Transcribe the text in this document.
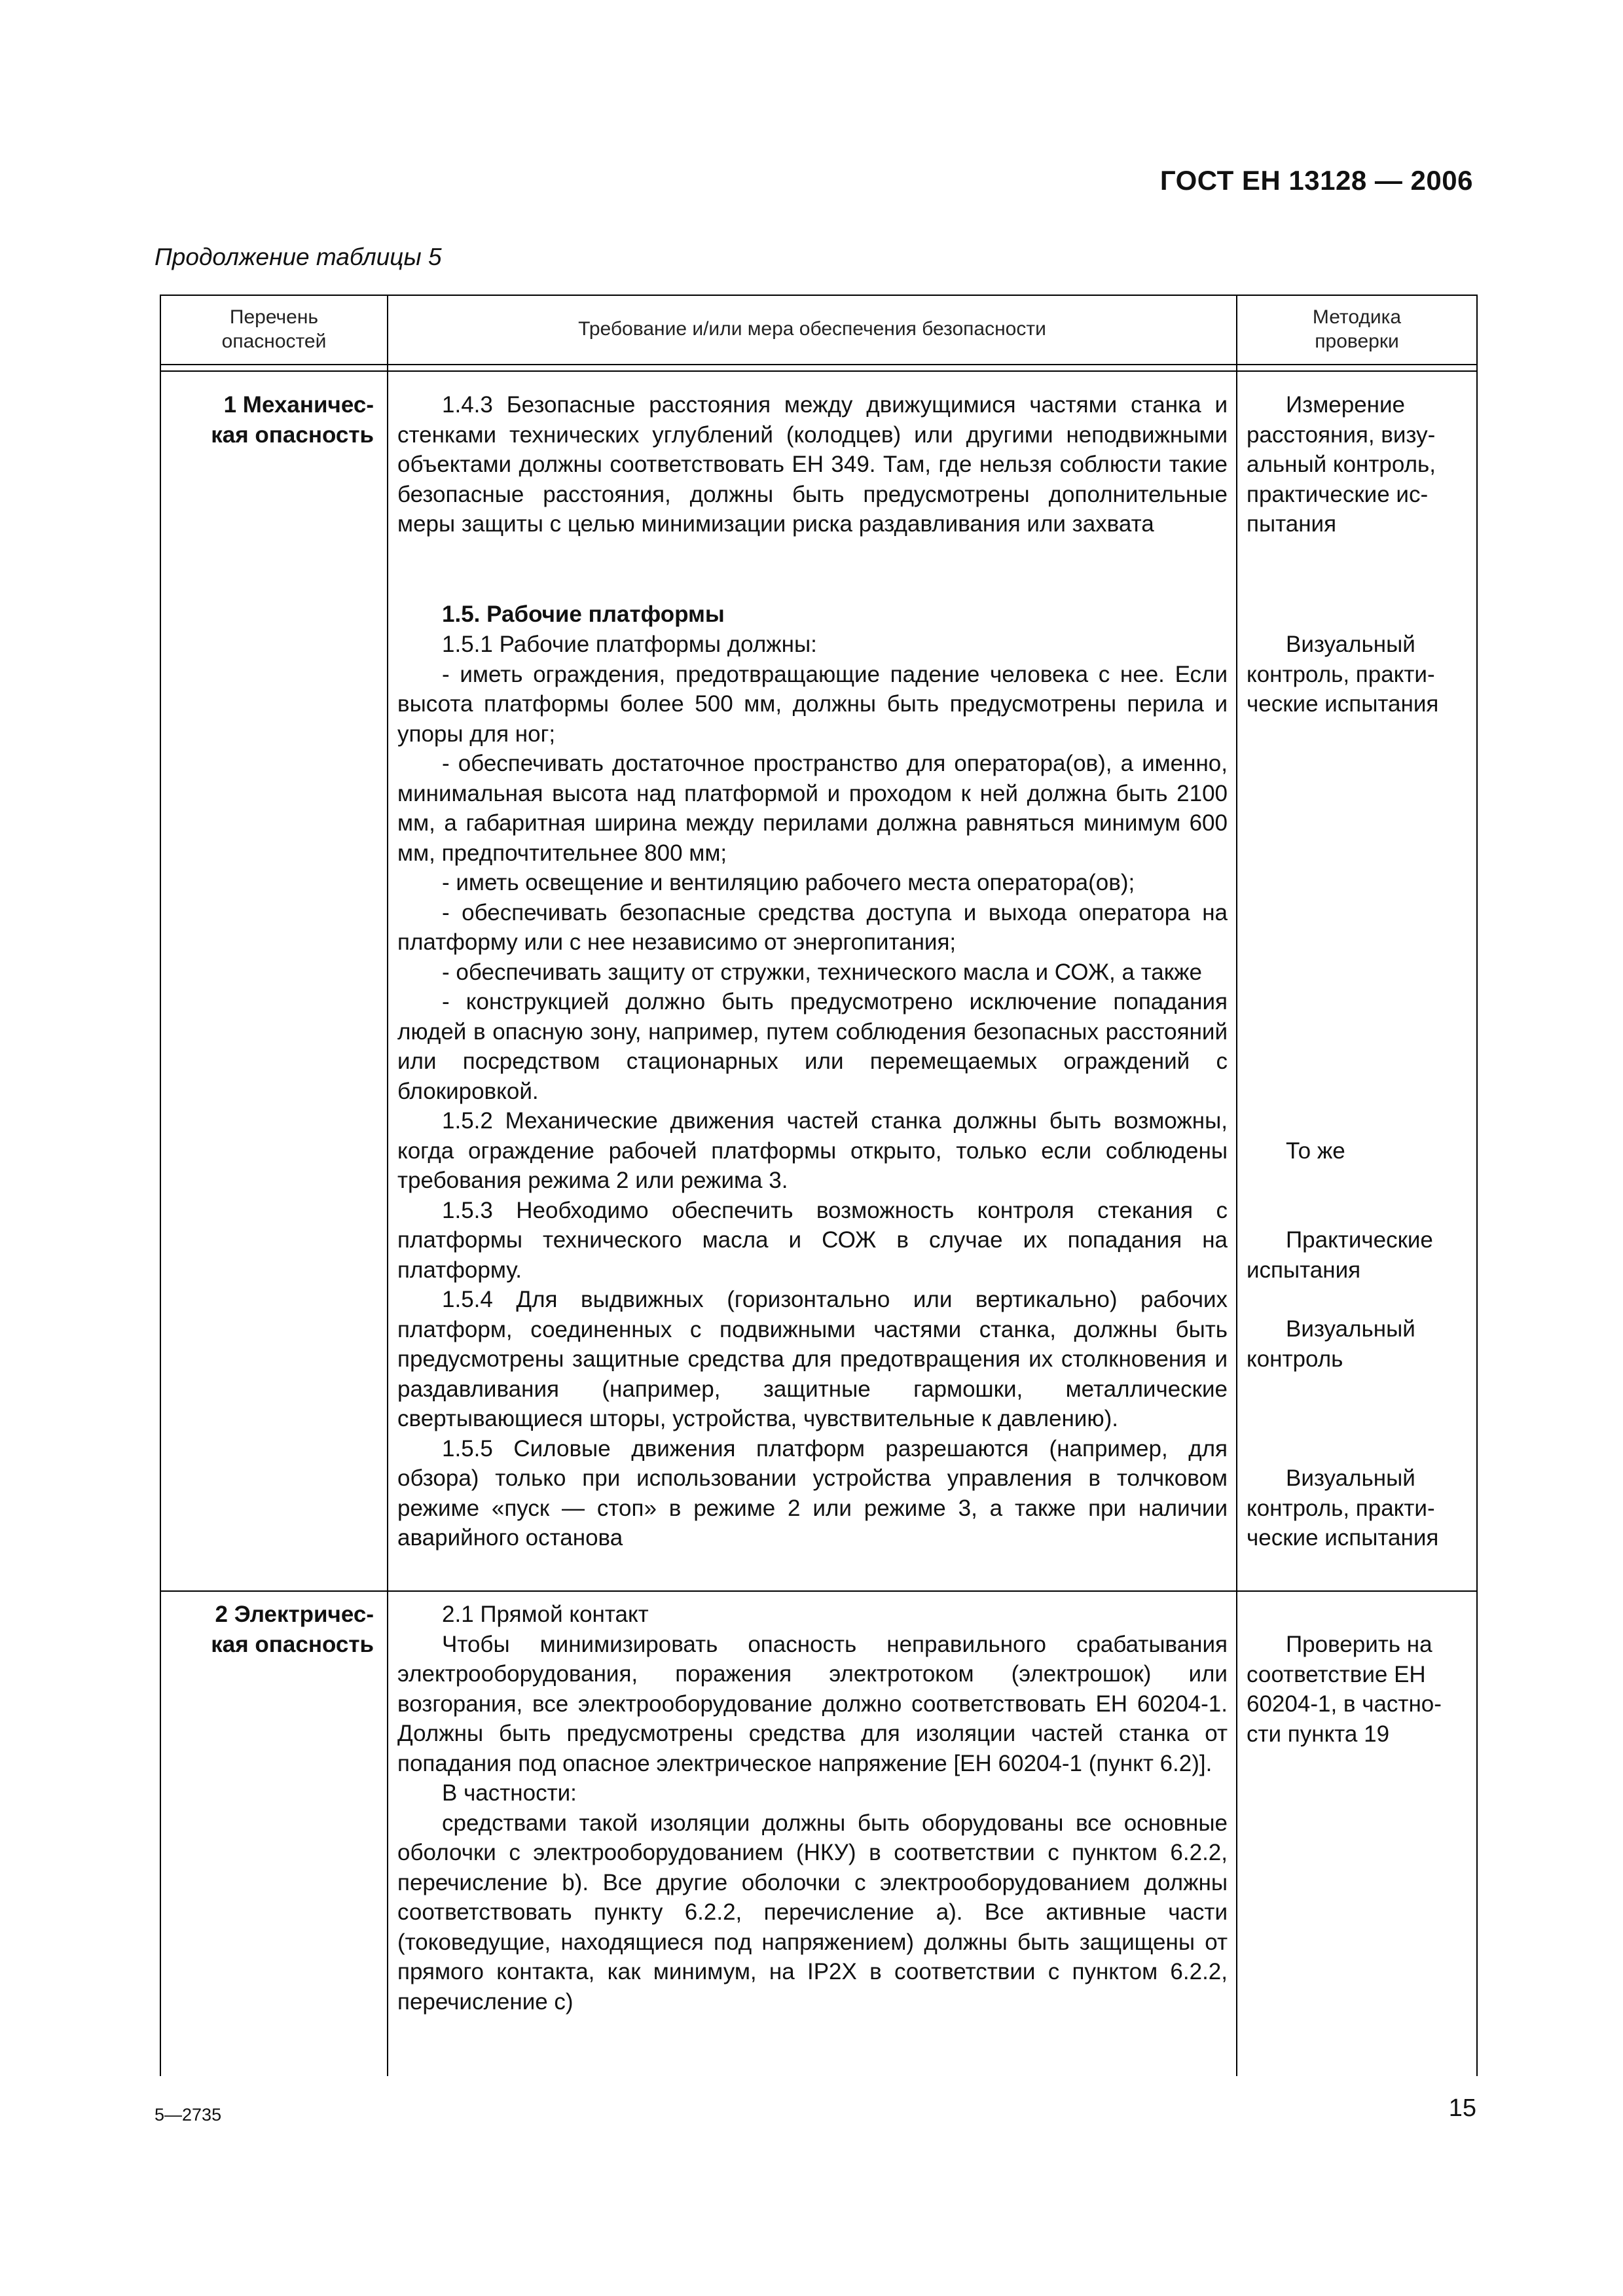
ГОСТ ЕН 13128 — 2006
Продолжение таблицы 5
Перечень
опасностей
Требование и/или мера обеспечения безопасности
Методика
проверки
1 Механичес-
кая опасность
2 Электричес-
кая опасность

1.4.3 Безопасные расстояния между движущимися частями станка и стенками технических углублений (колодцев) или другими неподвижными объектами должны соответствовать ЕН 349. Там, где нельзя соблюсти такие безопасные расстояния, должны быть предусмотрены дополнительные меры защиты с целью минимизации риска раздавливания или захвата

1.5. Рабочие платформы

1.5.1 Рабочие платформы должны:
- иметь ограждения, предотвращающие падение человека с нее. Если высота платформы более 500 мм, должны быть предусмотрены перила и упоры для ног;
- обеспечивать достаточное пространство для оператора(ов), а именно, минимальная высота над платформой и проходом к ней должна быть 2100 мм, а габаритная ширина между перилами должна равняться минимум 600 мм, предпочтительнее 800 мм;
- иметь освещение и вентиляцию рабочего места оператора(ов);
- обеспечивать безопасные средства доступа и выхода оператора на платформу или с нее независимо от энергопитания;
- обеспечивать защиту от стружки, технического масла и СОЖ, а также
- конструкцией должно быть предусмотрено исключение попадания людей в опасную зону, например, путем соблюдения безопасных расстояний или посредством стационарных или перемещаемых ограждений с блокировкой.
1.5.2 Механические движения частей станка должны быть возможны, когда ограждение рабочей платформы открыто, только если соблюдены требования режима 2 или режима 3.
1.5.3 Необходимо обеспечить возможность контроля стекания с платформы технического масла и СОЖ в случае их попадания на платформу.
1.5.4 Для выдвижных (горизонтально или вертикально) рабочих платформ, соединенных с подвижными частями станка, должны быть предусмотрены защитные средства для предотвращения их столкновения и раздавливания (например, защитные гармошки, металлические свертывающиеся шторы, устройства, чувствительные к давлению).
1.5.5 Силовые движения платформ разрешаются (например, для обзора) только при использовании устройства управления в толчковом режиме «пуск — стоп» в режиме 2 или режиме 3, а также при наличии аварийного останова
2.1 Прямой контакт
Чтобы минимизировать опасность неправильного срабатывания электрооборудования, поражения электротоком (электрошок) или возгорания, все электрооборудование должно соответствовать ЕН 60204-1. Должны быть предусмотрены средства для изоляции частей станка от попадания под опасное электрическое напряжение [ЕН 60204-1 (пункт 6.2)].
В частности:
средствами такой изоляции должны быть оборудованы все основные оболочки с электрооборудованием (НКУ) в соответствии с пунктом 6.2.2, перечисление b). Все другие оболочки с электрооборудованием должны соответствовать пункту 6.2.2, перечисление а). Все активные части (токоведущие, находящиеся под напряжением) должны быть защищены от прямого контакта, как минимум, на IP2X в соответствии с пунктом 6.2.2, перечисление с)
Измерение
расстояния, визу-
альный контроль,
практические ис-
пытания
Визуальный
контроль, практи-
ческие испытания
То же
Практические
испытания
Визуальный
контроль
Визуальный
контроль, практи-
ческие испытания
Проверить на
соответствие ЕН
60204-1, в частно-
сти пункта 19
5—2735	15
